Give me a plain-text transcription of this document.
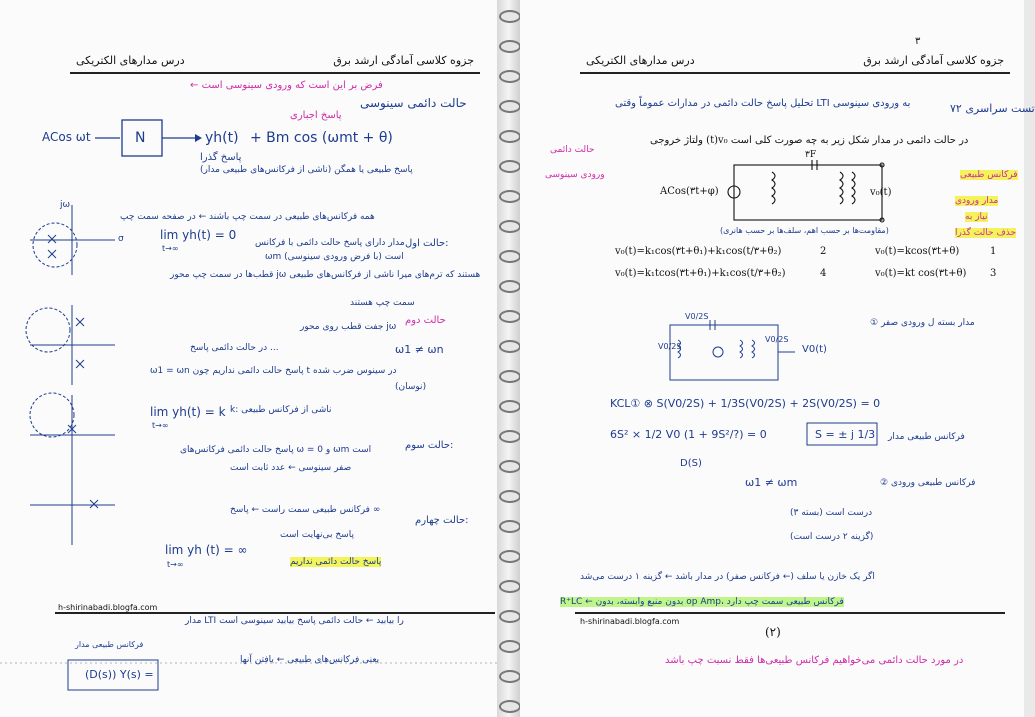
جزوه کلاسی آمادگی ارشد برق
درس مدارهای الکتریکی
← فرض بر این است که ورودی سینوسی است
حالت دائمی سینوسی
ACos ωt	N	yh(t) + Bm cos (ωmt + θ)
پاسخ اجباری
پاسخ گذرا
پاسخ طبیعی یا همگن (ناشی از فرکانس‌های طبیعی مدار)
همه فرکانس‌های طبیعی در سمت چپ باشند ← در صفحه سمت چپ
حالت اول:
lim yh(t) = 0
t→∞
مدار دارای پاسخ حالت دائمی با فرکانس
ωm است (با فرض ورودی سینوسی)
قطب‌ها در سمت چپ محور jω هستند که ترم‌های میرا ناشی از فرکانس‌های طبیعی
سمت چپ هستند
حالت دوم
جفت قطب روی محور jω
ω1 ≠ ωn
در حالت دائمی پاسخ ...
ω1 = ωn پاسخ حالت دائمی نداریم چون t در سینوس ضرب شده
(نوسان)
lim yh(t) = k
t→∞
k: ناشی از فرکانس طبیعی
حالت سوم:
پاسخ حالت دائمی فرکانس‌های ω = 0 و ωm است
صفر سینوسی ← عدد ثابت است
فرکانس طبیعی سمت راست ← پاسخ ∞
حالت چهارم:
پاسخ بی‌نهایت است
lim yh (t) = ∞
t→∞	پاسخ حالت دائمی نداریم
jω
σ
h-shirinabadi.blogfa.com
مدار LTI را بیابید ← حالت دائمی پاسخ بیابید سینوسی است
یعنی فرکانس‌های طبیعی ← یافتن آنها
فرکانس طبیعی مدار
(D(s)) Y(s) =
۳
جزوه کلاسی آمادگی ارشد برق
درس مدارهای الکتریکی
تست سراسری ۷۲
تحلیل پاسخ حالت دائمی در مدارات عموماً وقتی LTI به ورودی سینوسی
ولتاژ خروجی (t)v₀ در حالت دائمی در مدار شکل زیر به چه صورت کلی است
حالت دائمی
ورودی سینوسی	فرکانس طبیعی
مدار ورودی
نیاز به
حذف حالت گذرا
ACos(۳t+φ)
۳F
v₀(t)
(مقاومت‌ها بر حسب اهم، سلف‌ها بر حسب هانری)
1
v₀(t)=kcos(۳t+θ)
2
v₀(t)=k₁cos(۳t+θ₁)+k₁cos(t/۳+θ₂)
3
v₀(t)=kt cos(۳t+θ)
4
v₀(t)=k₁tcos(۳t+θ₁)+k₁cos(t/۳+θ₂)
① مدار بسته ل ورودی صفر
V0/2S
V0/2S
V0/2S
V0(t)
KCL① ⊗ S(V0/2S) + 1/3S(V0/2S) + 2S(V0/2S) = 0
6S² × 1/2 V0 (1 + 9S²/?) = 0
D(S)
S = ± j 1/3 فرکانس طبیعی مدار
ω1 ≠ ωm	② فرکانس طبیعی ورودی
(بسته ۳) درست است
(گزینه ۲ درست است)
اگر یک خازن یا سلف (← فرکانس صفر) در مدار باشد ← گزینه ۱ درست می‌شد
R⁺LC ← بدون منبع وابسته، بدون op Amp، فرکانس طبیعی سمت چپ دارد
h-shirinabadi.blogfa.com
(۲)
در مورد حالت دائمی می‌خواهیم فرکانس طبیعی‌ها فقط نسبت چپ باشد
